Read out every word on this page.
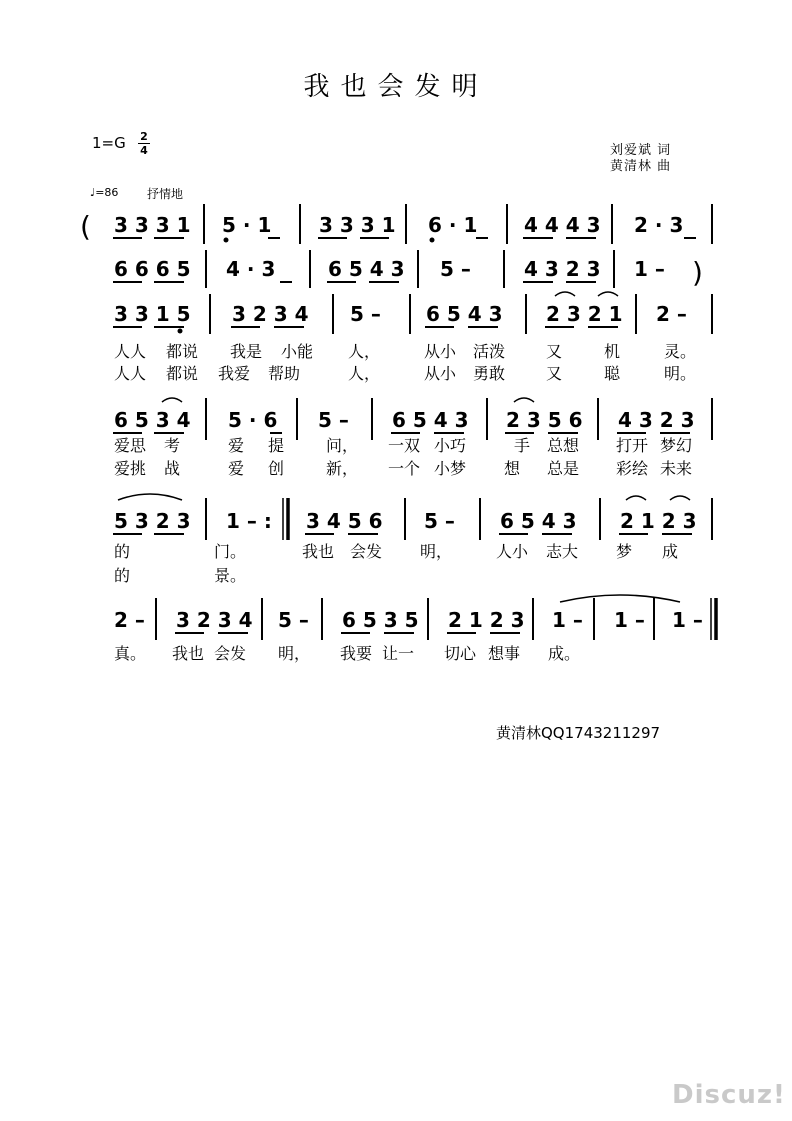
我也会发明
1=G 2
4	刘爱斌 词
黄清林 曲
♩=86 抒情地
( 3 3 3 1 5 · 1 3 3 3 1 6 · 1 4 4 4 3 2 · 3
6 6 6 5 4 · 3	6 5 4 3 5 –	4 3 2 3 1 – )
3 3 1 5 3 2 3 4 5 – 6 5 4 3 2 3 2 1 2 –
人人 都说 我是 小能 人，	从小 活泼	又	机	灵。
人人 都说 我爱 帮助	人，	从小 勇敢	又	聪	明。
6 5 3 4 5 · 6 5 – 6 5 4 3 2 3 5 6 4 3 2 3
爱思 考	爱 提	问， 一双 小巧	手 总想 打开 梦幻
爱挑 战	爱 创	新， 一个 小梦 想 总是 彩绘 未来
5 3 2 3 1 – : 3 4 5 6 5 – 6 5 4 3 2 1 2 3
的	门。	我也 会发 明，	人小 志大 梦 成
的	景。
2 – 3 2 3 4 5 – 6 5 3 5 2 1 2 3 1 – 1 – 1 –
真。 我也 会发 明， 我要 让一 切心 想事 成。
黄清林QQ1743211297
Discuz!
